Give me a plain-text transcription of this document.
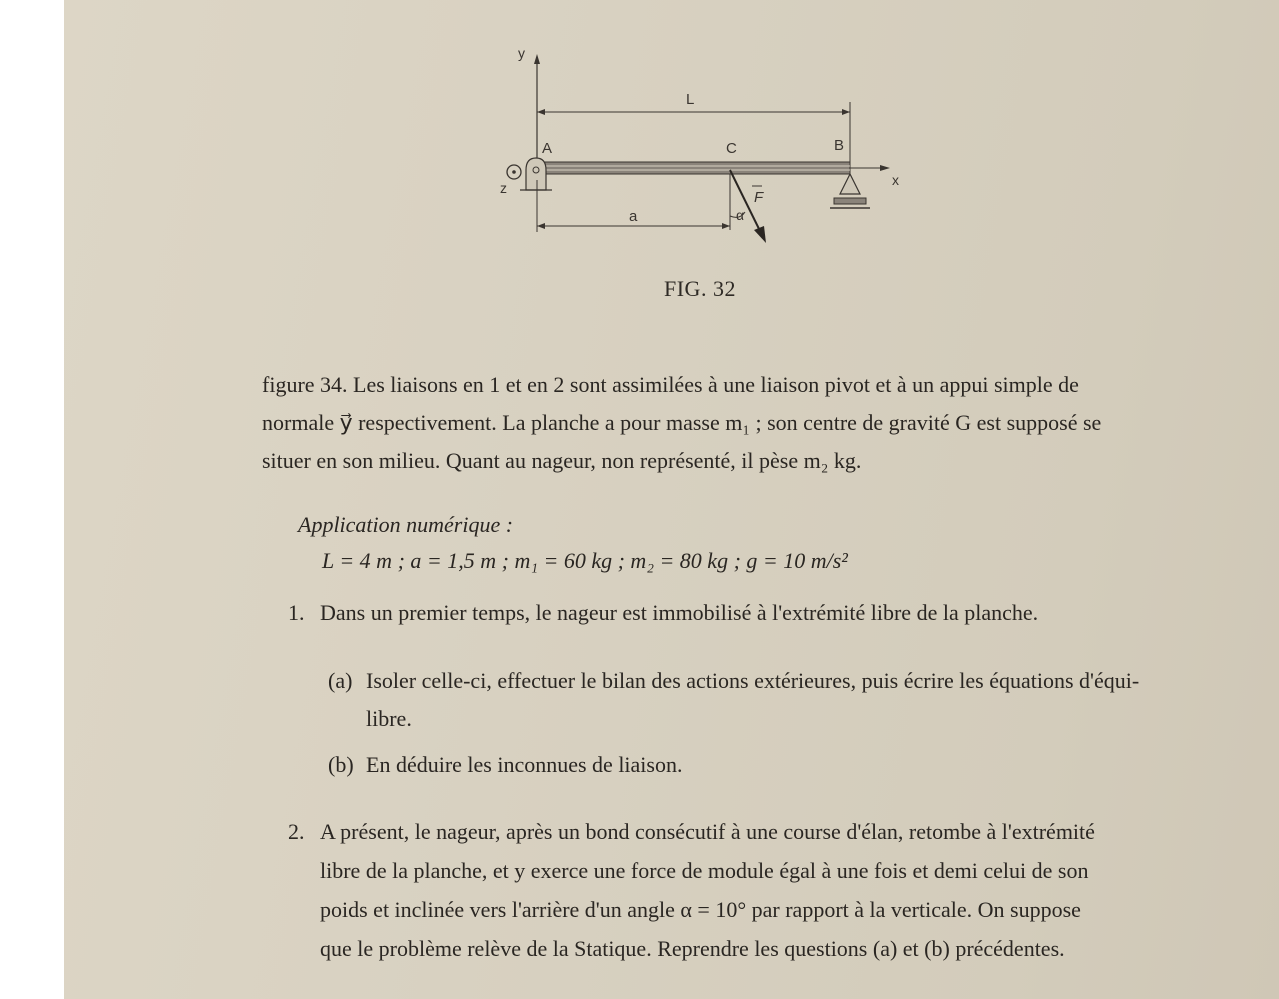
y
L
A	C	B
x
z
F
α
a
FIG. 32
figure 34. Les liaisons en 1 et en 2 sont assimilées à une liaison pivot et à un appui simple de
normale y⃗ respectivement. La planche a pour masse m₁ ; son centre de gravité G est supposé se
situer en son milieu. Quant au nageur, non représenté, il pèse m₂ kg.
Application numérique :
L = 4 m ; a = 1,5 m ; m₁ = 60 kg ; m₂ = 80 kg ; g = 10 m/s²
1. Dans un premier temps, le nageur est immobilisé à l'extrémité libre de la planche.
(a) Isoler celle-ci, effectuer le bilan des actions extérieures, puis écrire les équations d'équi-
libre.
(b) En déduire les inconnues de liaison.
2. A présent, le nageur, après un bond consécutif à une course d'élan, retombe à l'extrémité
libre de la planche, et y exerce une force de module égal à une fois et demi celui de son
poids et inclinée vers l'arrière d'un angle α = 10° par rapport à la verticale. On suppose
que le problème relève de la Statique. Reprendre les questions (a) et (b) précédentes.
